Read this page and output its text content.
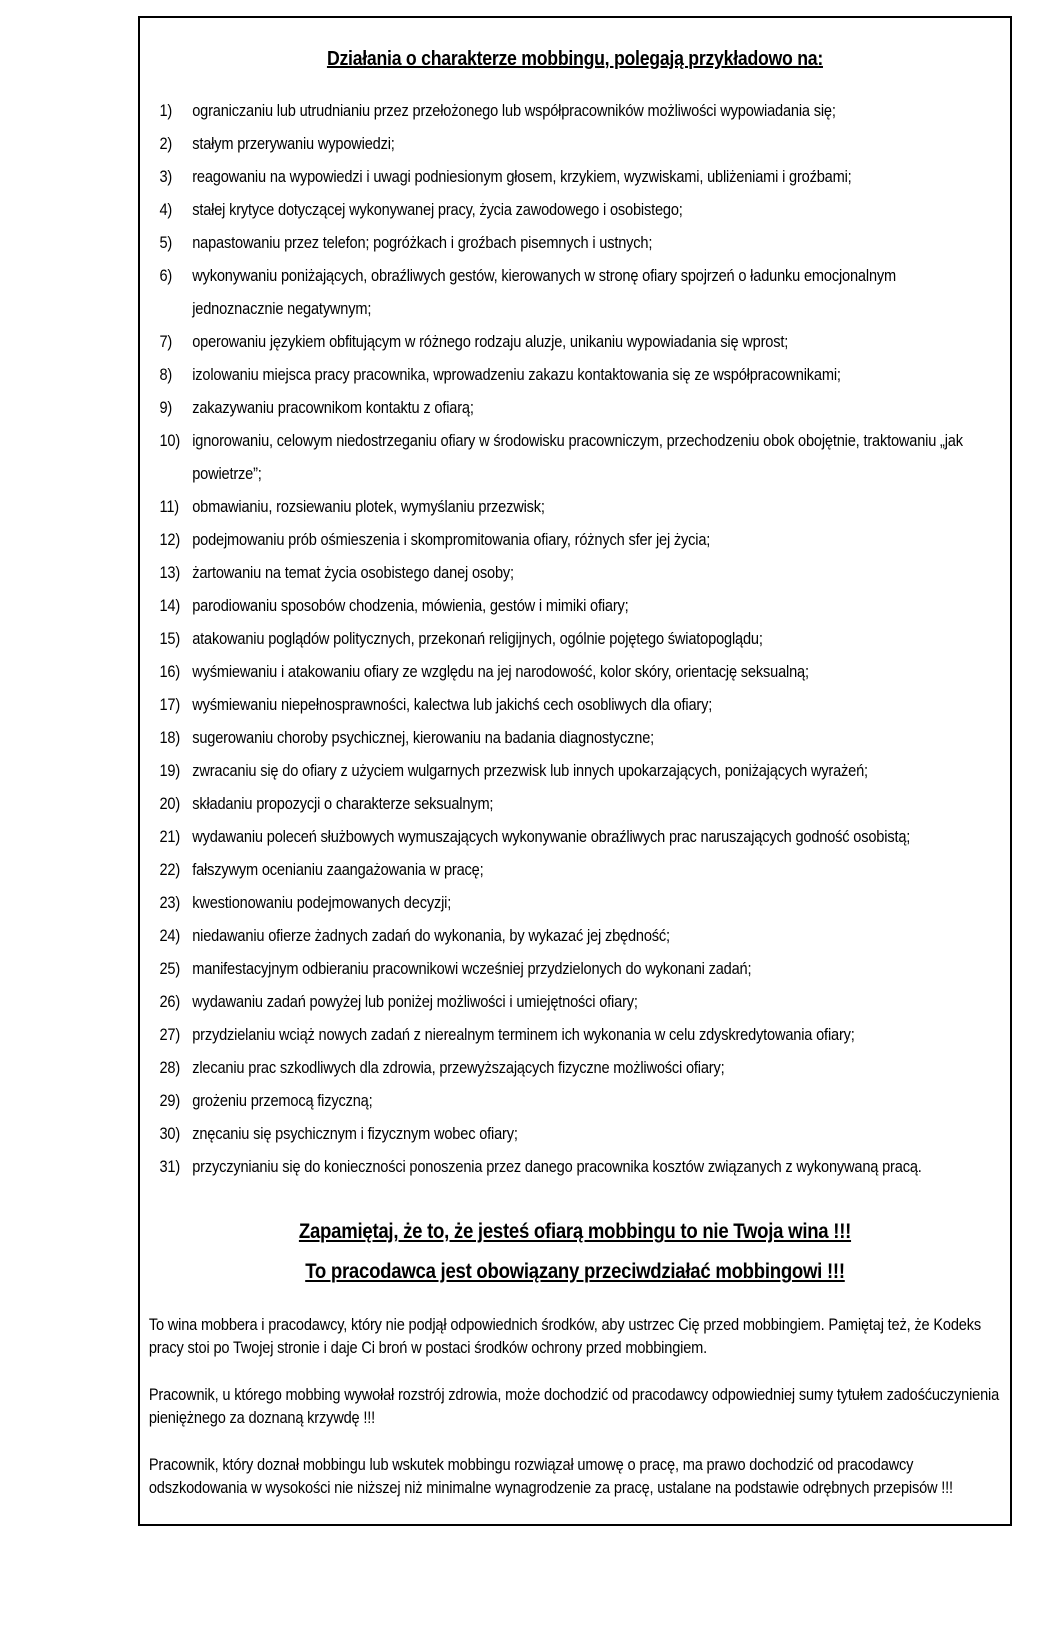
Działania o charakterze mobbingu, polegają przykładowo na:
1)	ograniczaniu lub utrudnianiu przez przełożonego lub współpracowników możliwości wypowiadania się;
2)	stałym przerywaniu wypowiedzi;
3)	reagowaniu na wypowiedzi i uwagi podniesionym głosem, krzykiem, wyzwiskami, ubliżeniami i groźbami;
4)	stałej krytyce dotyczącej wykonywanej pracy, życia zawodowego i osobistego;
5)	napastowaniu przez telefon; pogróżkach i groźbach pisemnych i ustnych;
6)	wykonywaniu poniżających, obraźliwych gestów, kierowanych w stronę ofiary spojrzeń o ładunku emocjonalnym jednoznacznie negatywnym;
7)	operowaniu językiem obfitującym w różnego rodzaju aluzje, unikaniu wypowiadania się wprost;
8)	izolowaniu miejsca pracy pracownika, wprowadzeniu zakazu kontaktowania się ze współpracownikami;
9)	zakazywaniu pracownikom kontaktu z ofiarą;
10) ignorowaniu, celowym niedostrzeganiu ofiary w środowisku pracowniczym, przechodzeniu obok obojętnie, traktowaniu „jak powietrze”;
11) obmawianiu, rozsiewaniu plotek, wymyślaniu przezwisk;
12) podejmowaniu prób ośmieszenia i skompromitowania ofiary, różnych sfer jej życia;
13) żartowaniu na temat życia osobistego danej osoby;
14) parodiowaniu sposobów chodzenia, mówienia, gestów i mimiki ofiary;
15) atakowaniu poglądów politycznych, przekonań religijnych, ogólnie pojętego światopoglądu;
16) wyśmiewaniu i atakowaniu ofiary ze względu na jej narodowość, kolor skóry, orientację seksualną;
17) wyśmiewaniu niepełnosprawności, kalectwa lub jakichś cech osobliwych dla ofiary;
18) sugerowaniu choroby psychicznej, kierowaniu na badania diagnostyczne;
19) zwracaniu się do ofiary z użyciem wulgarnych przezwisk lub innych upokarzających, poniżających wyrażeń;
20) składaniu propozycji o charakterze seksualnym;
21) wydawaniu poleceń służbowych wymuszających wykonywanie obraźliwych prac naruszających godność osobistą;
22) fałszywym ocenianiu zaangażowania w pracę;
23) kwestionowaniu podejmowanych decyzji;
24) niedawaniu ofierze żadnych zadań do wykonania, by wykazać jej zbędność;
25) manifestacyjnym odbieraniu pracownikowi wcześniej przydzielonych do wykonani zadań;
26) wydawaniu zadań powyżej lub poniżej możliwości i umiejętności ofiary;
27) przydzielaniu wciąż nowych zadań z nierealnym terminem ich wykonania w celu zdyskredytowania ofiary;
28) zlecaniu prac szkodliwych dla zdrowia, przewyższających fizyczne możliwości ofiary;
29) grożeniu przemocą fizyczną;
30) znęcaniu się psychicznym i fizycznym wobec ofiary;
31) przyczynianiu się do konieczności ponoszenia przez danego pracownika kosztów związanych z wykonywaną pracą.
Zapamiętaj, że to, że jesteś ofiarą mobbingu to nie Twoja wina !!!
To pracodawca jest obowiązany przeciwdziałać mobbingowi !!!

To wina mobbera i pracodawcy, który nie podjął odpowiednich środków, aby ustrzec Cię przed mobbingiem. Pamiętaj też, że Kodeks pracy stoi po Twojej stronie i daje Ci broń w postaci środków ochrony przed mobbingiem.

Pracownik, u którego mobbing wywołał rozstrój zdrowia, może dochodzić od pracodawcy odpowiedniej sumy tytułem zadośćuczynienia pieniężnego za doznaną krzywdę !!!

Pracownik, który doznał mobbingu lub wskutek mobbingu rozwiązał umowę o pracę, ma prawo dochodzić od pracodawcy odszkodowania w wysokości nie niższej niż minimalne wynagrodzenie za pracę, ustalane na podstawie odrębnych przepisów !!!
